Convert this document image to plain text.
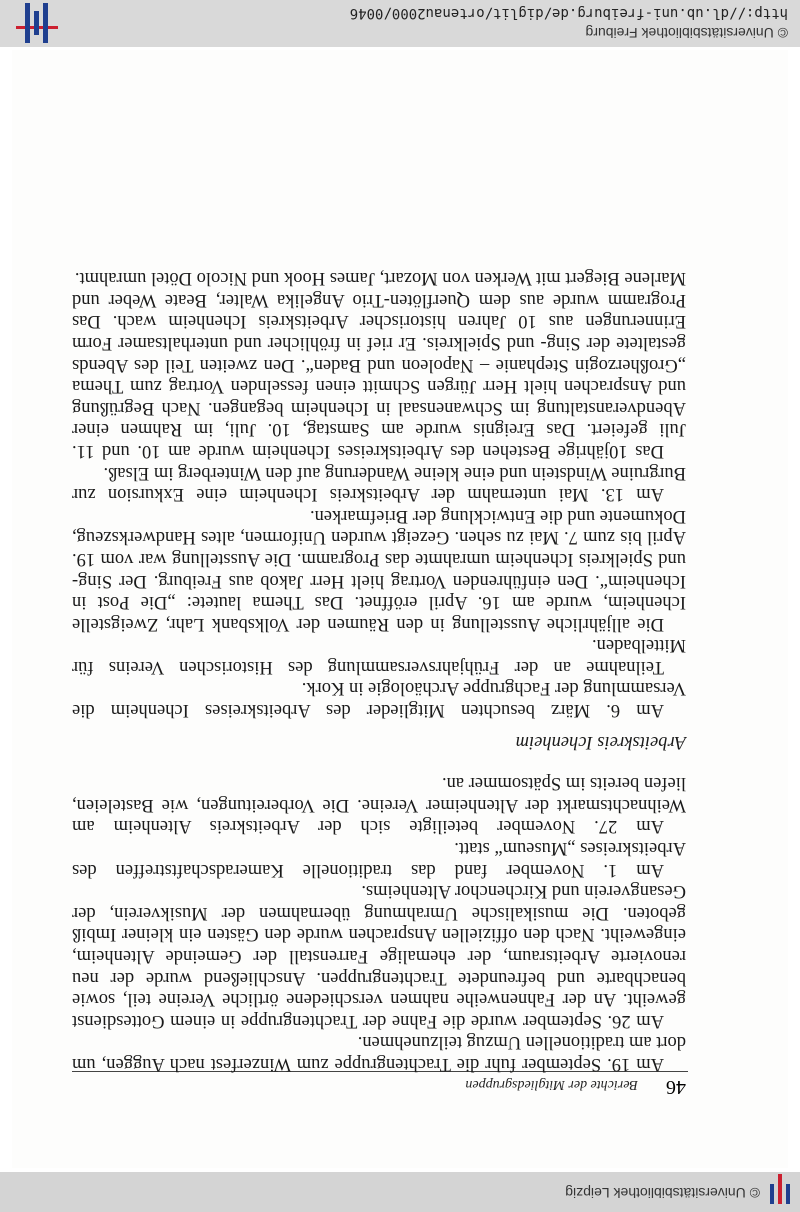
© Universitätsbibliothek Leipzig
© Universitätsbibliothek Freiburg
http://dl.ub.uni-freiburg.de/diglit/ortenau2000/0046
46
Berichte der Mitgliedsgruppen

Am 19. September fuhr die Trachtengruppe zum Winzerfest nach Auggen, um dort am traditionellen Umzug teilzunehmen.

Am 26. September wurde die Fahne der Trachtengruppe in einem Gottesdienst geweiht. An der Fahnenweihe nahmen verschiedene örtliche Vereine teil, sowie benachbarte und befreundete Trachtengruppen. Anschließend wurde der neu renovierte Arbeitsraum, der ehemalige Farrenstall der Gemeinde Altenheim, eingeweiht. Nach den offiziellen Ansprachen wurde den Gästen ein kleiner Imbiß geboten. Die musikalische Umrahmung übernahmen der Musikverein, der Gesangverein und Kirchenchor Altenheims.

Am 1. November fand das traditionelle Kameradschaftstreffen des Arbeitskreises „Museum“ statt.

Am 27. November beteiligte sich der Arbeitskreis Altenheim am Weihnachtsmarkt der Altenheimer Vereine. Die Vorbereitungen, wie Basteleien, liefen bereits im Spätsommer an.

Arbeitskreis Ichenheim

Am 6. März besuchten Mitglieder des Arbeitskreises Ichenheim die Versammlung der Fachgruppe Archäologie in Kork.

Teilnahme an der Frühjahrsversammlung des Historischen Vereins für Mittelbaden.

Die alljährliche Ausstellung in den Räumen der Volksbank Lahr, Zweigstelle Ichenheim, wurde am 16. April eröffnet. Das Thema lautete: „Die Post in Ichenheim“. Den einführenden Vortrag hielt Herr Jakob aus Freiburg. Der Sing- und Spielkreis Ichenheim umrahmte das Programm. Die Ausstellung war vom 19. April bis zum 7. Mai zu sehen. Gezeigt wurden Uniformen, altes Handwerkszeug, Dokumente und die Entwicklung der Briefmarken.

Am 13. Mai unternahm der Arbeitskreis Ichenheim eine Exkursion zur Burgruine Windstein und eine kleine Wanderung auf den Winterberg im Elsaß.

Das 10jährige Bestehen des Arbeitskreises Ichenheim wurde am 10. und 11. Juli gefeiert. Das Ereignis wurde am Samstag, 10. Juli, im Rahmen einer Abendveranstaltung im Schwanensaal in Ichenheim begangen. Nach Begrüßung und Ansprachen hielt Herr Jürgen Schmitt einen fesselnden Vortrag zum Thema „Großherzogin Stephanie – Napoleon und Baden“. Den zweiten Teil des Abends gestaltete der Sing- und Spielkreis. Er rief in fröhlicher und unterhaltsamer Form Erinnerungen aus 10 Jahren historischer Arbeitskreis Ichenheim wach. Das Programm wurde aus dem Querflöten-Trio Angelika Walter, Beate Weber und Marlene Biegert mit Werken von Mozart, James Hook und Nicolo Dötel umrahmt.
